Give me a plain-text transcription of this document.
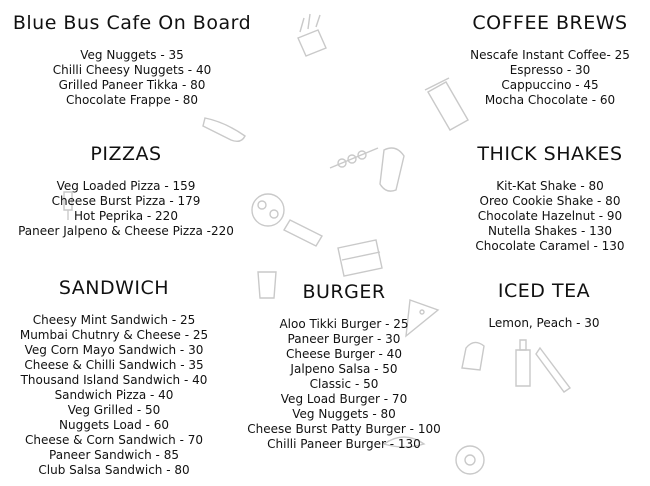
Blue Bus Cafe On Board
Veg Nuggets - 35
Chilli Cheesy Nuggets - 40
Grilled Paneer Tikka - 80
Chocolate Frappe - 80
COFFEE BREWS
Nescafe Instant Coffee- 25
Espresso - 30
Cappuccino - 45
Mocha Chocolate - 60
PIZZAS
Veg Loaded Pizza - 159
Cheese Burst Pizza - 179
Hot Peprika - 220
Paneer Jalpeno & Cheese Pizza -220
THICK SHAKES
Kit-Kat Shake - 80
Oreo Cookie Shake - 80
Chocolate Hazelnut - 90
Nutella Shakes - 130
Chocolate Caramel - 130
SANDWICH
Cheesy Mint Sandwich - 25
Mumbai Chutnry & Cheese - 25
Veg Corn Mayo Sandwich - 30
Cheese & Chilli Sandwich - 35
Thousand Island Sandwich - 40
Sandwich Pizza - 40
Veg Grilled - 50
Nuggets Load - 60
Cheese & Corn Sandwich - 70
Paneer Sandwich - 85
Club Salsa Sandwich - 80
BURGER
Aloo Tikki Burger - 25
Paneer Burger - 30
Cheese Burger - 40
Jalpeno Salsa - 50
Classic - 50
Veg Load Burger - 70
Veg Nuggets - 80
Cheese Burst Patty Burger - 100
Chilli Paneer Burger - 130
ICED TEA
Lemon, Peach - 30
